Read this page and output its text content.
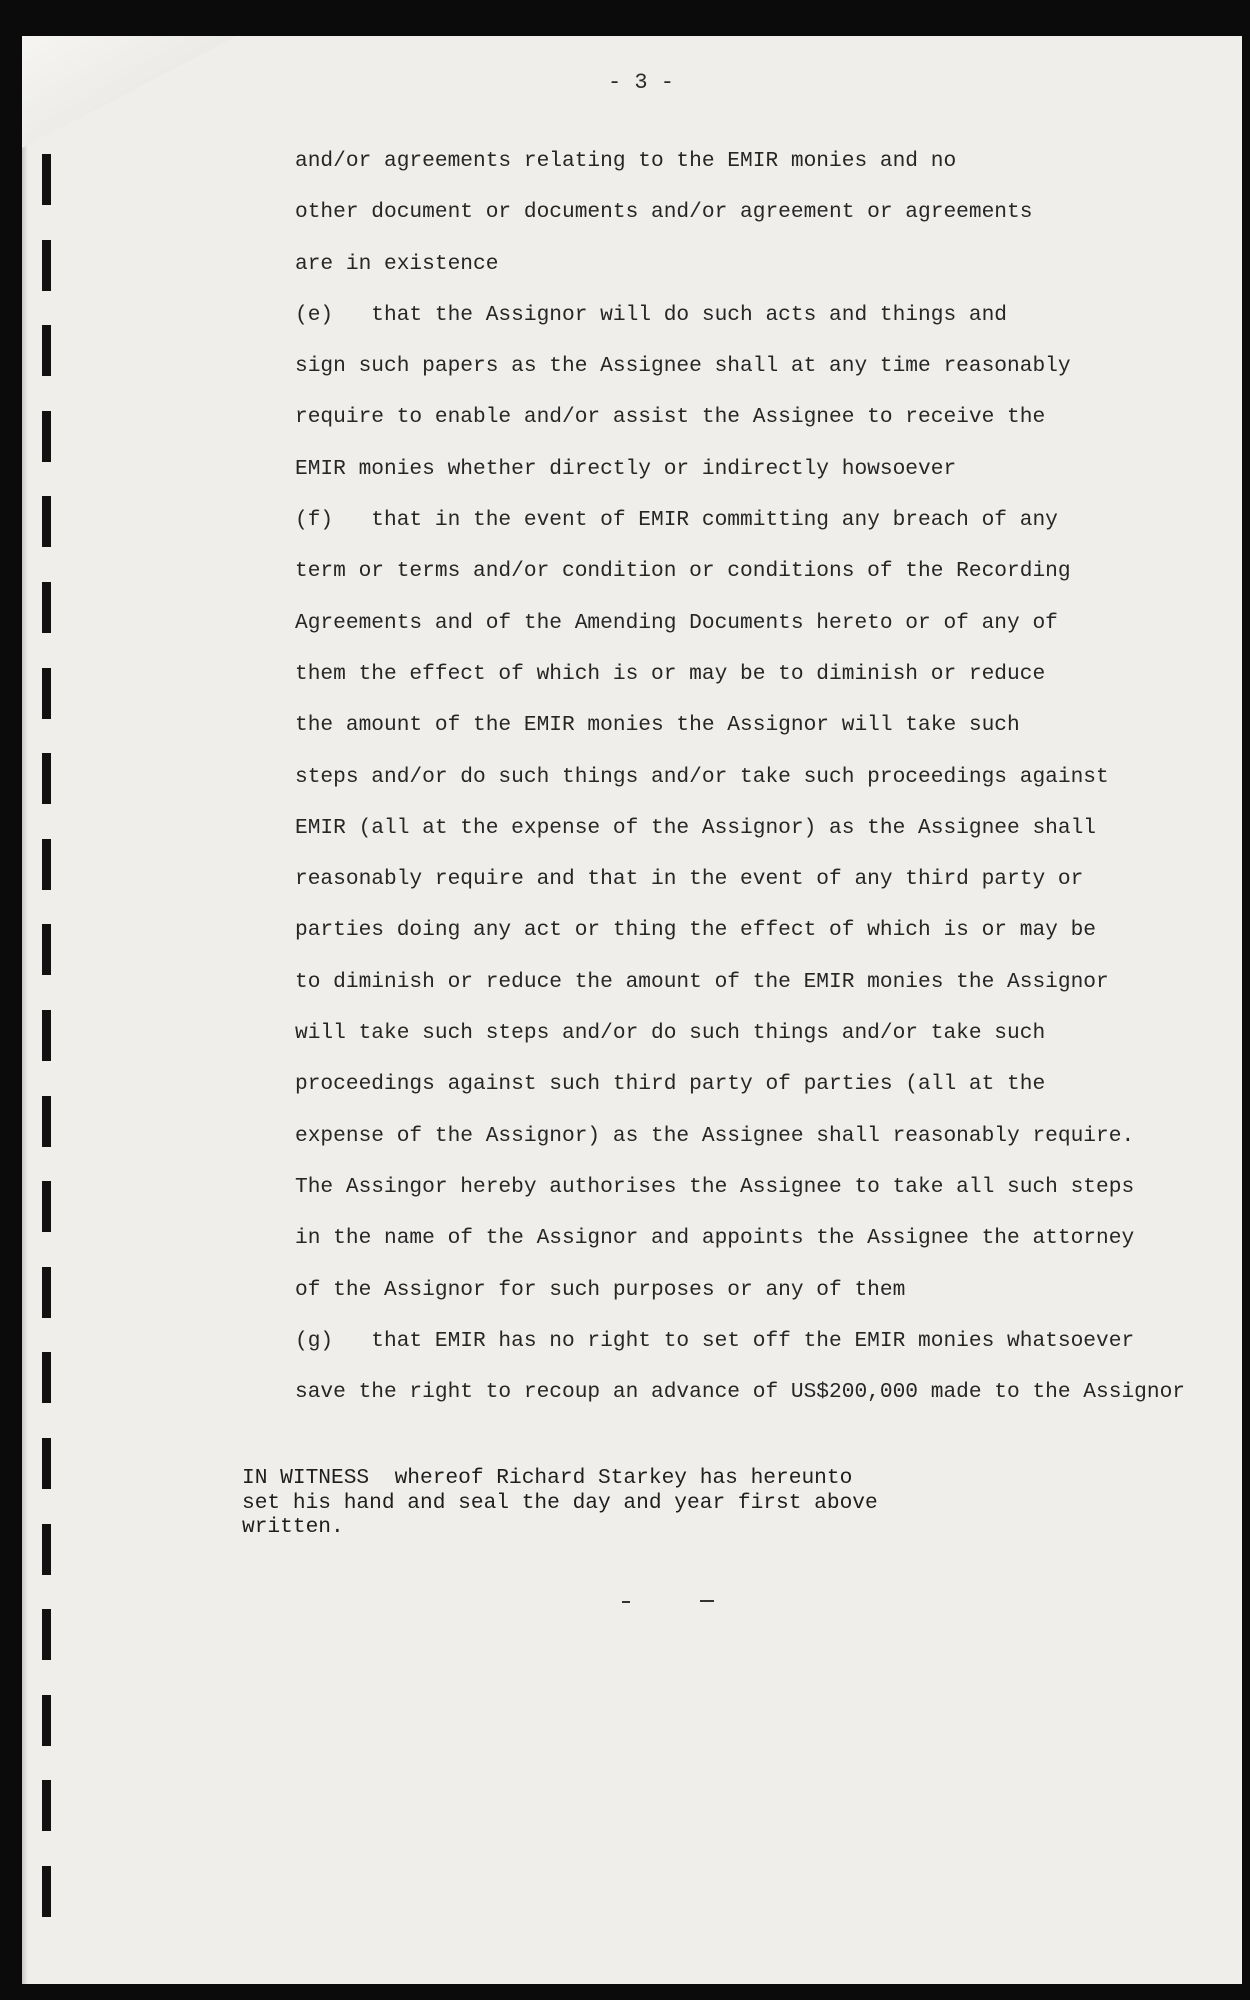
- 3 -
and/or agreements relating to the EMIR monies and no
other document or documents and/or agreement or agreements
are in existence
(e)   that the Assignor will do such acts and things and
sign such papers as the Assignee shall at any time reasonably
require to enable and/or assist the Assignee to receive the
EMIR monies whether directly or indirectly howsoever
(f)   that in the event of EMIR committing any breach of any
term or terms and/or condition or conditions of the Recording
Agreements and of the Amending Documents hereto or of any of
them the effect of which is or may be to diminish or reduce
the amount of the EMIR monies the Assignor will take such
steps and/or do such things and/or take such proceedings against
EMIR (all at the expense of the Assignor) as the Assignee shall
reasonably require and that in the event of any third party or
parties doing any act or thing the effect of which is or may be
to diminish or reduce the amount of the EMIR monies the Assignor
will take such steps and/or do such things and/or take such
proceedings against such third party of parties (all at the
expense of the Assignor) as the Assignee shall reasonably require.
The Assingor hereby authorises the Assignee to take all such steps
in the name of the Assignor and appoints the Assignee the attorney
of the Assignor for such purposes or any of them
(g)   that EMIR has no right to set off the EMIR monies whatsoever
save the right to recoup an advance of US$200,000 made to the Assignor
IN WITNESS  whereof Richard Starkey has hereunto
set his hand and seal the day and year first above
written.
